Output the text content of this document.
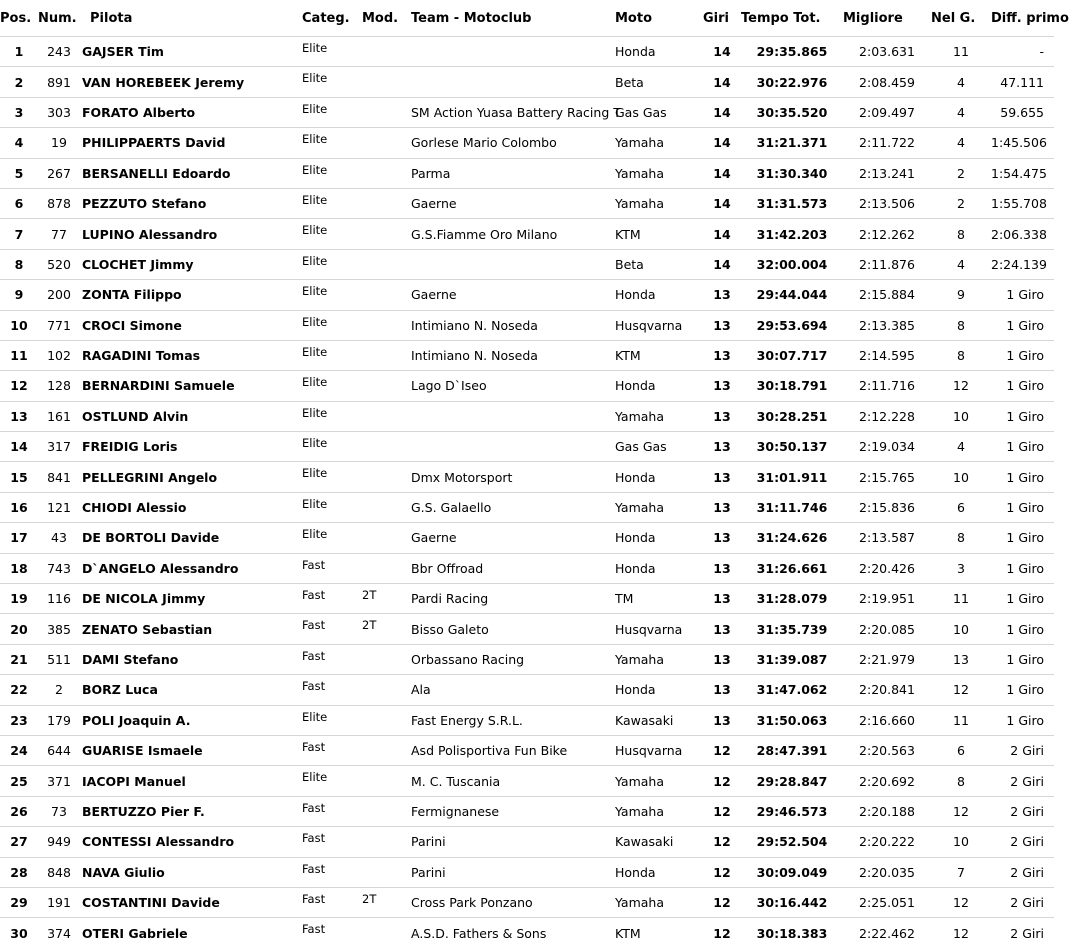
Pos.	Num.	Pilota	Categ.	Mod.	Team - Motoclub	Moto	Giri	Tempo Tot.	Migliore	Nel G.	Diff. primo
1	243	GAJSER Tim	Elite			Honda	14	29:35.865	2:03.631	11	-
2	891	VAN HOREBEEK Jeremy	Elite			Beta	14	30:22.976	2:08.459	4	47.111
3	303	FORATO Alberto	Elite		SM Action Yuasa Battery Racing T	Gas Gas	14	30:35.520	2:09.497	4	59.655
4	19	PHILIPPAERTS David	Elite		Gorlese Mario Colombo	Yamaha	14	31:21.371	2:11.722	4	1:45.506
5	267	BERSANELLI Edoardo	Elite		Parma	Yamaha	14	31:30.340	2:13.241	2	1:54.475
6	878	PEZZUTO Stefano	Elite		Gaerne	Yamaha	14	31:31.573	2:13.506	2	1:55.708
7	77	LUPINO Alessandro	Elite		G.S.Fiamme Oro Milano	KTM	14	31:42.203	2:12.262	8	2:06.338
8	520	CLOCHET Jimmy	Elite			Beta	14	32:00.004	2:11.876	4	2:24.139
9	200	ZONTA Filippo	Elite		Gaerne	Honda	13	29:44.044	2:15.884	9	1 Giro
10	771	CROCI Simone	Elite		Intimiano N. Noseda	Husqvarna	13	29:53.694	2:13.385	8	1 Giro
11	102	RAGADINI Tomas	Elite		Intimiano N. Noseda	KTM	13	30:07.717	2:14.595	8	1 Giro
12	128	BERNARDINI Samuele	Elite		Lago D`Iseo	Honda	13	30:18.791	2:11.716	12	1 Giro
13	161	OSTLUND Alvin	Elite			Yamaha	13	30:28.251	2:12.228	10	1 Giro
14	317	FREIDIG Loris	Elite			Gas Gas	13	30:50.137	2:19.034	4	1 Giro
15	841	PELLEGRINI Angelo	Elite		Dmx Motorsport	Honda	13	31:01.911	2:15.765	10	1 Giro
16	121	CHIODI Alessio	Elite		G.S. Galaello	Yamaha	13	31:11.746	2:15.836	6	1 Giro
17	43	DE BORTOLI Davide	Elite		Gaerne	Honda	13	31:24.626	2:13.587	8	1 Giro
18	743	D`ANGELO Alessandro	Fast		Bbr Offroad	Honda	13	31:26.661	2:20.426	3	1 Giro
19	116	DE NICOLA Jimmy	Fast	2T	Pardi Racing	TM	13	31:28.079	2:19.951	11	1 Giro
20	385	ZENATO Sebastian	Fast	2T	Bisso Galeto	Husqvarna	13	31:35.739	2:20.085	10	1 Giro
21	511	DAMI Stefano	Fast		Orbassano Racing	Yamaha	13	31:39.087	2:21.979	13	1 Giro
22	2	BORZ Luca	Fast		Ala	Honda	13	31:47.062	2:20.841	12	1 Giro
23	179	POLI Joaquin A.	Elite		Fast Energy S.R.L.	Kawasaki	13	31:50.063	2:16.660	11	1 Giro
24	644	GUARISE Ismaele	Fast		Asd Polisportiva Fun Bike	Husqvarna	12	28:47.391	2:20.563	6	2 Giri
25	371	IACOPI Manuel	Elite		M. C. Tuscania	Yamaha	12	29:28.847	2:20.692	8	2 Giri
26	73	BERTUZZO Pier F.	Fast		Fermignanese	Yamaha	12	29:46.573	2:20.188	12	2 Giri
27	949	CONTESSI Alessandro	Fast		Parini	Kawasaki	12	29:52.504	2:20.222	10	2 Giri
28	848	NAVA Giulio	Fast		Parini	Honda	12	30:09.049	2:20.035	7	2 Giri
29	191	COSTANTINI Davide	Fast	2T	Cross Park Ponzano	Yamaha	12	30:16.442	2:25.051	12	2 Giri
30	374	OTERI Gabriele	Fast		A.S.D. Fathers & Sons	KTM	12	30:18.383	2:22.462	12	2 Giri
